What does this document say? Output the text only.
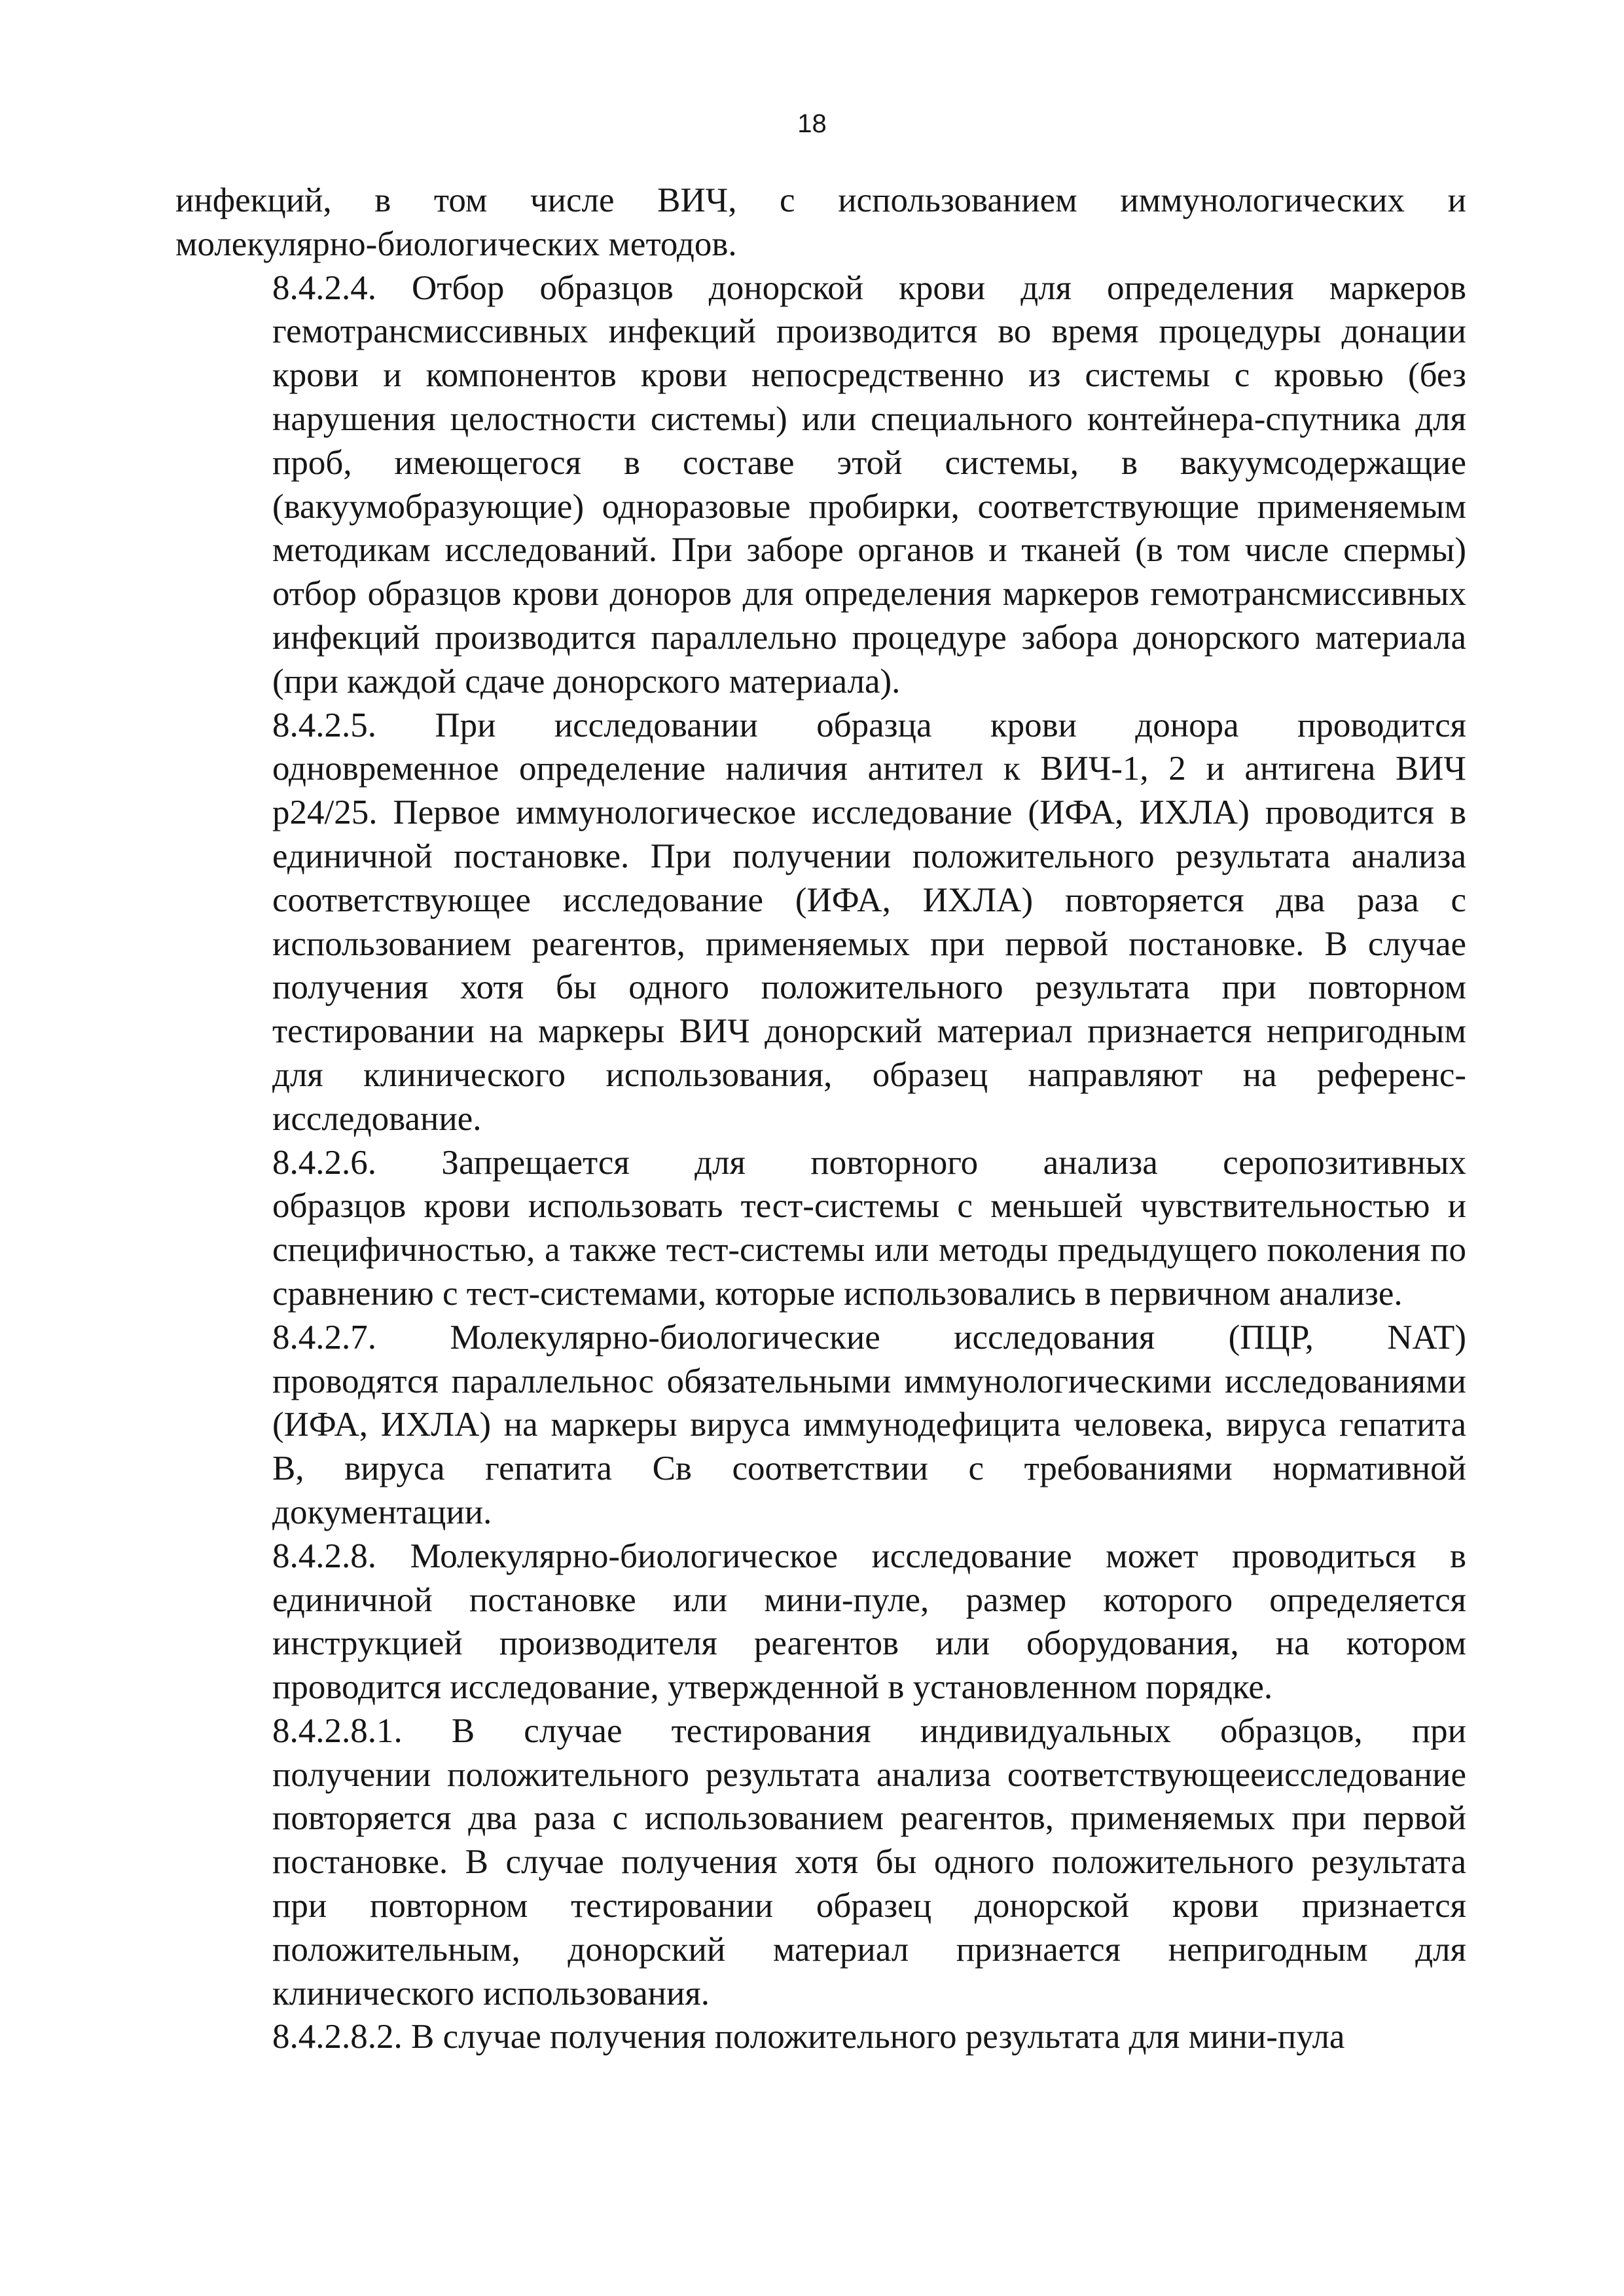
18

инфекций, в том числе ВИЧ, с использованием иммунологических и
молекулярно-биологических методов.

8.4.2.4. Отбор образцов донорской крови для определения маркеров
гемотрансмиссивных инфекций производится во время процедуры донации
крови и компонентов крови непосредственно из системы с кровью (без
нарушения целостности системы) или специального контейнера-спутника для
проб, имеющегося в составе этой системы, в вакуумсодержащие
(вакуумобразующие) одноразовые пробирки, соответствующие применяемым
методикам исследований. При заборе органов и тканей (в том числе спермы)
отбор образцов крови доноров для определения маркеров гемотрансмиссивных
инфекций производится параллельно процедуре забора донорского материала
(при каждой сдаче донорского материала).

8.4.2.5. При исследовании образца крови донора проводится
одновременное определение наличия антител к ВИЧ-1, 2 и антигена ВИЧ
р24/25. Первое иммунологическое исследование (ИФА, ИХЛА) проводится в
единичной постановке. При получении положительного результата анализа
соответствующее исследование (ИФА, ИХЛА) повторяется два раза с
использованием реагентов, применяемых при первой постановке. В случае
получения хотя бы одного положительного результата при повторном
тестировании на маркеры ВИЧ донорский материал признается непригодным
для клинического использования, образец направляют на референс-
исследование.

8.4.2.6. Запрещается для повторного анализа серопозитивных
образцов крови использовать тест-системы с меньшей чувствительностью и
специфичностью, а также тест-системы или методы предыдущего поколения по
сравнению с тест-системами, которые использовались в первичном анализе.

8.4.2.7. Молекулярно-биологические исследования (ПЦР, NAT)
проводятся параллельнос обязательными иммунологическими исследованиями
(ИФА, ИХЛА) на маркеры вируса иммунодефицита человека, вируса гепатита
В, вируса гепатита Св соответствии с требованиями нормативной
документации.

8.4.2.8. Молекулярно-биологическое исследование может проводиться в
единичной постановке или мини-пуле, размер которого определяется
инструкцией производителя реагентов или оборудования, на котором
проводится исследование, утвержденной в установленном порядке.

8.4.2.8.1. В случае тестирования индивидуальных образцов, при
получении положительного результата анализа соответствующееисследование
повторяется два раза с использованием реагентов, применяемых при первой
постановке. В случае получения хотя бы одного положительного результата
при повторном тестировании образец донорской крови признается
положительным, донорский материал признается непригодным для
клинического использования.

8.4.2.8.2. В случае получения положительного результата для мини-пула
